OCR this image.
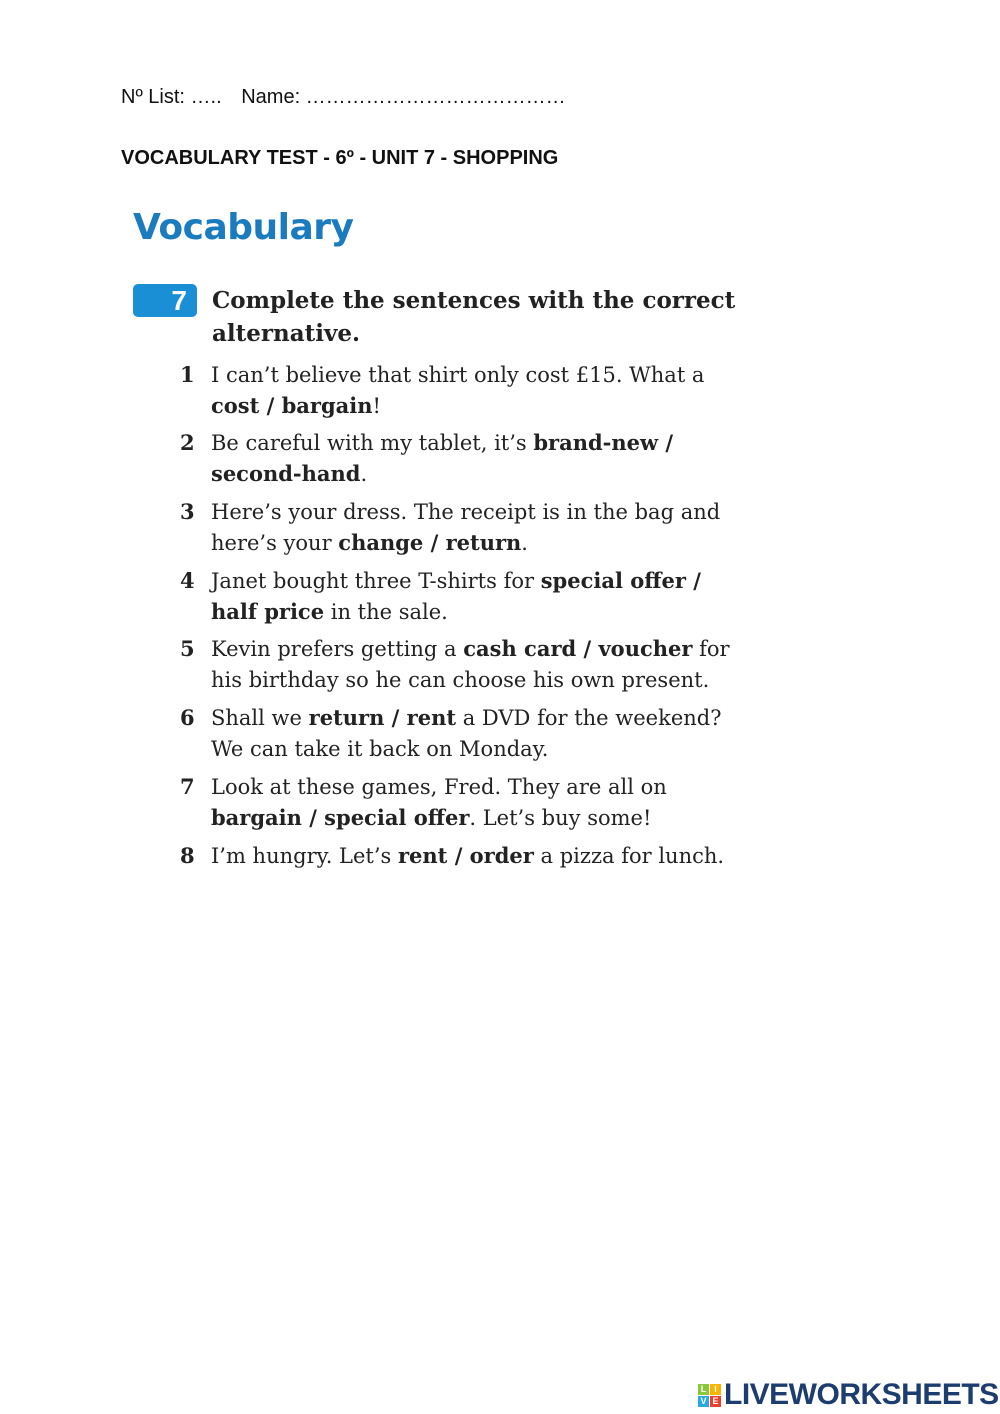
Nº List: ….. Name: …………………………………
VOCABULARY TEST - 6º - UNIT 7 - SHOPPING
Vocabulary
7	Complete the sentences with the correct alternative.
1 I can’t believe that shirt only cost £15. What a
cost / bargain!
2 Be careful with my tablet, it’s brand-new /
second-hand.
3 Here’s your dress. The receipt is in the bag and
here’s your change / return.
4 Janet bought three T-shirts for special offer /
half price in the sale.
5 Kevin prefers getting a cash card / voucher for
his birthday so he can choose his own present.
6 Shall we return / rent a DVD for the weekend?
We can take it back on Monday.
7 Look at these games, Fred. They are all on
bargain / special offer. Let’s buy some!
8 I’m hungry. Let’s rent / order a pizza for lunch.
L I
V E LIVEWORKSHEETS
